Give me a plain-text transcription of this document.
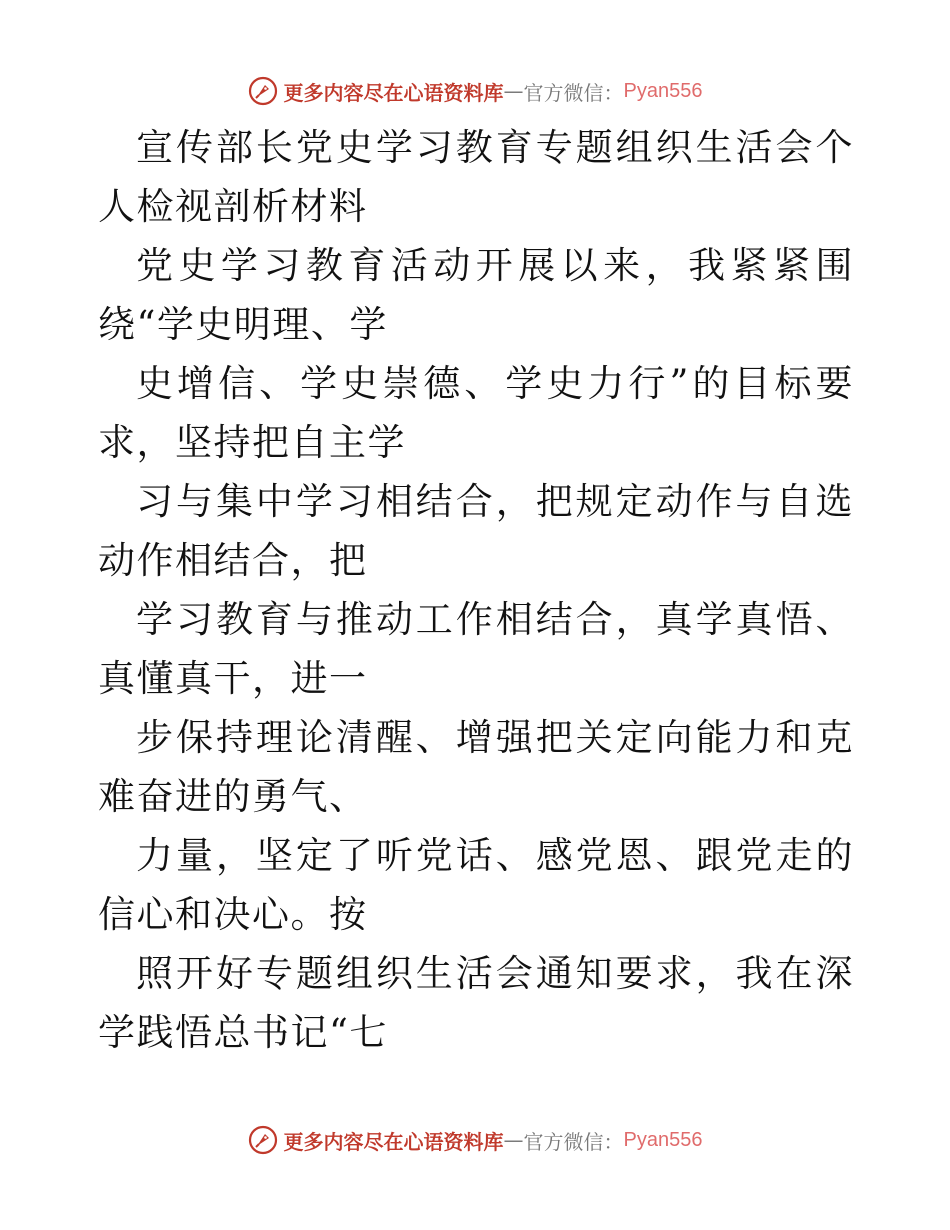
更多内容尽在心语资料库 — 官方微信： Pyan556

宣传部长党史学习教育专题组织生活会个人检视剖析材料

党史学习教育活动开展以来，我紧紧围绕“学史明理、学

史增信、学史崇德、学史力行”的目标要求，坚持把自主学

习与集中学习相结合，把规定动作与自选动作相结合，把

学习教育与推动工作相结合，真学真悟、真懂真干，进一

步保持理论清醒、增强把关定向能力和克难奋进的勇气、

力量，坚定了听党话、感党恩、跟党走的信心和决心。按

照开好专题组织生活会通知要求，我在深学践悟总书记“七

更多内容尽在心语资料库 — 官方微信： Pyan556
